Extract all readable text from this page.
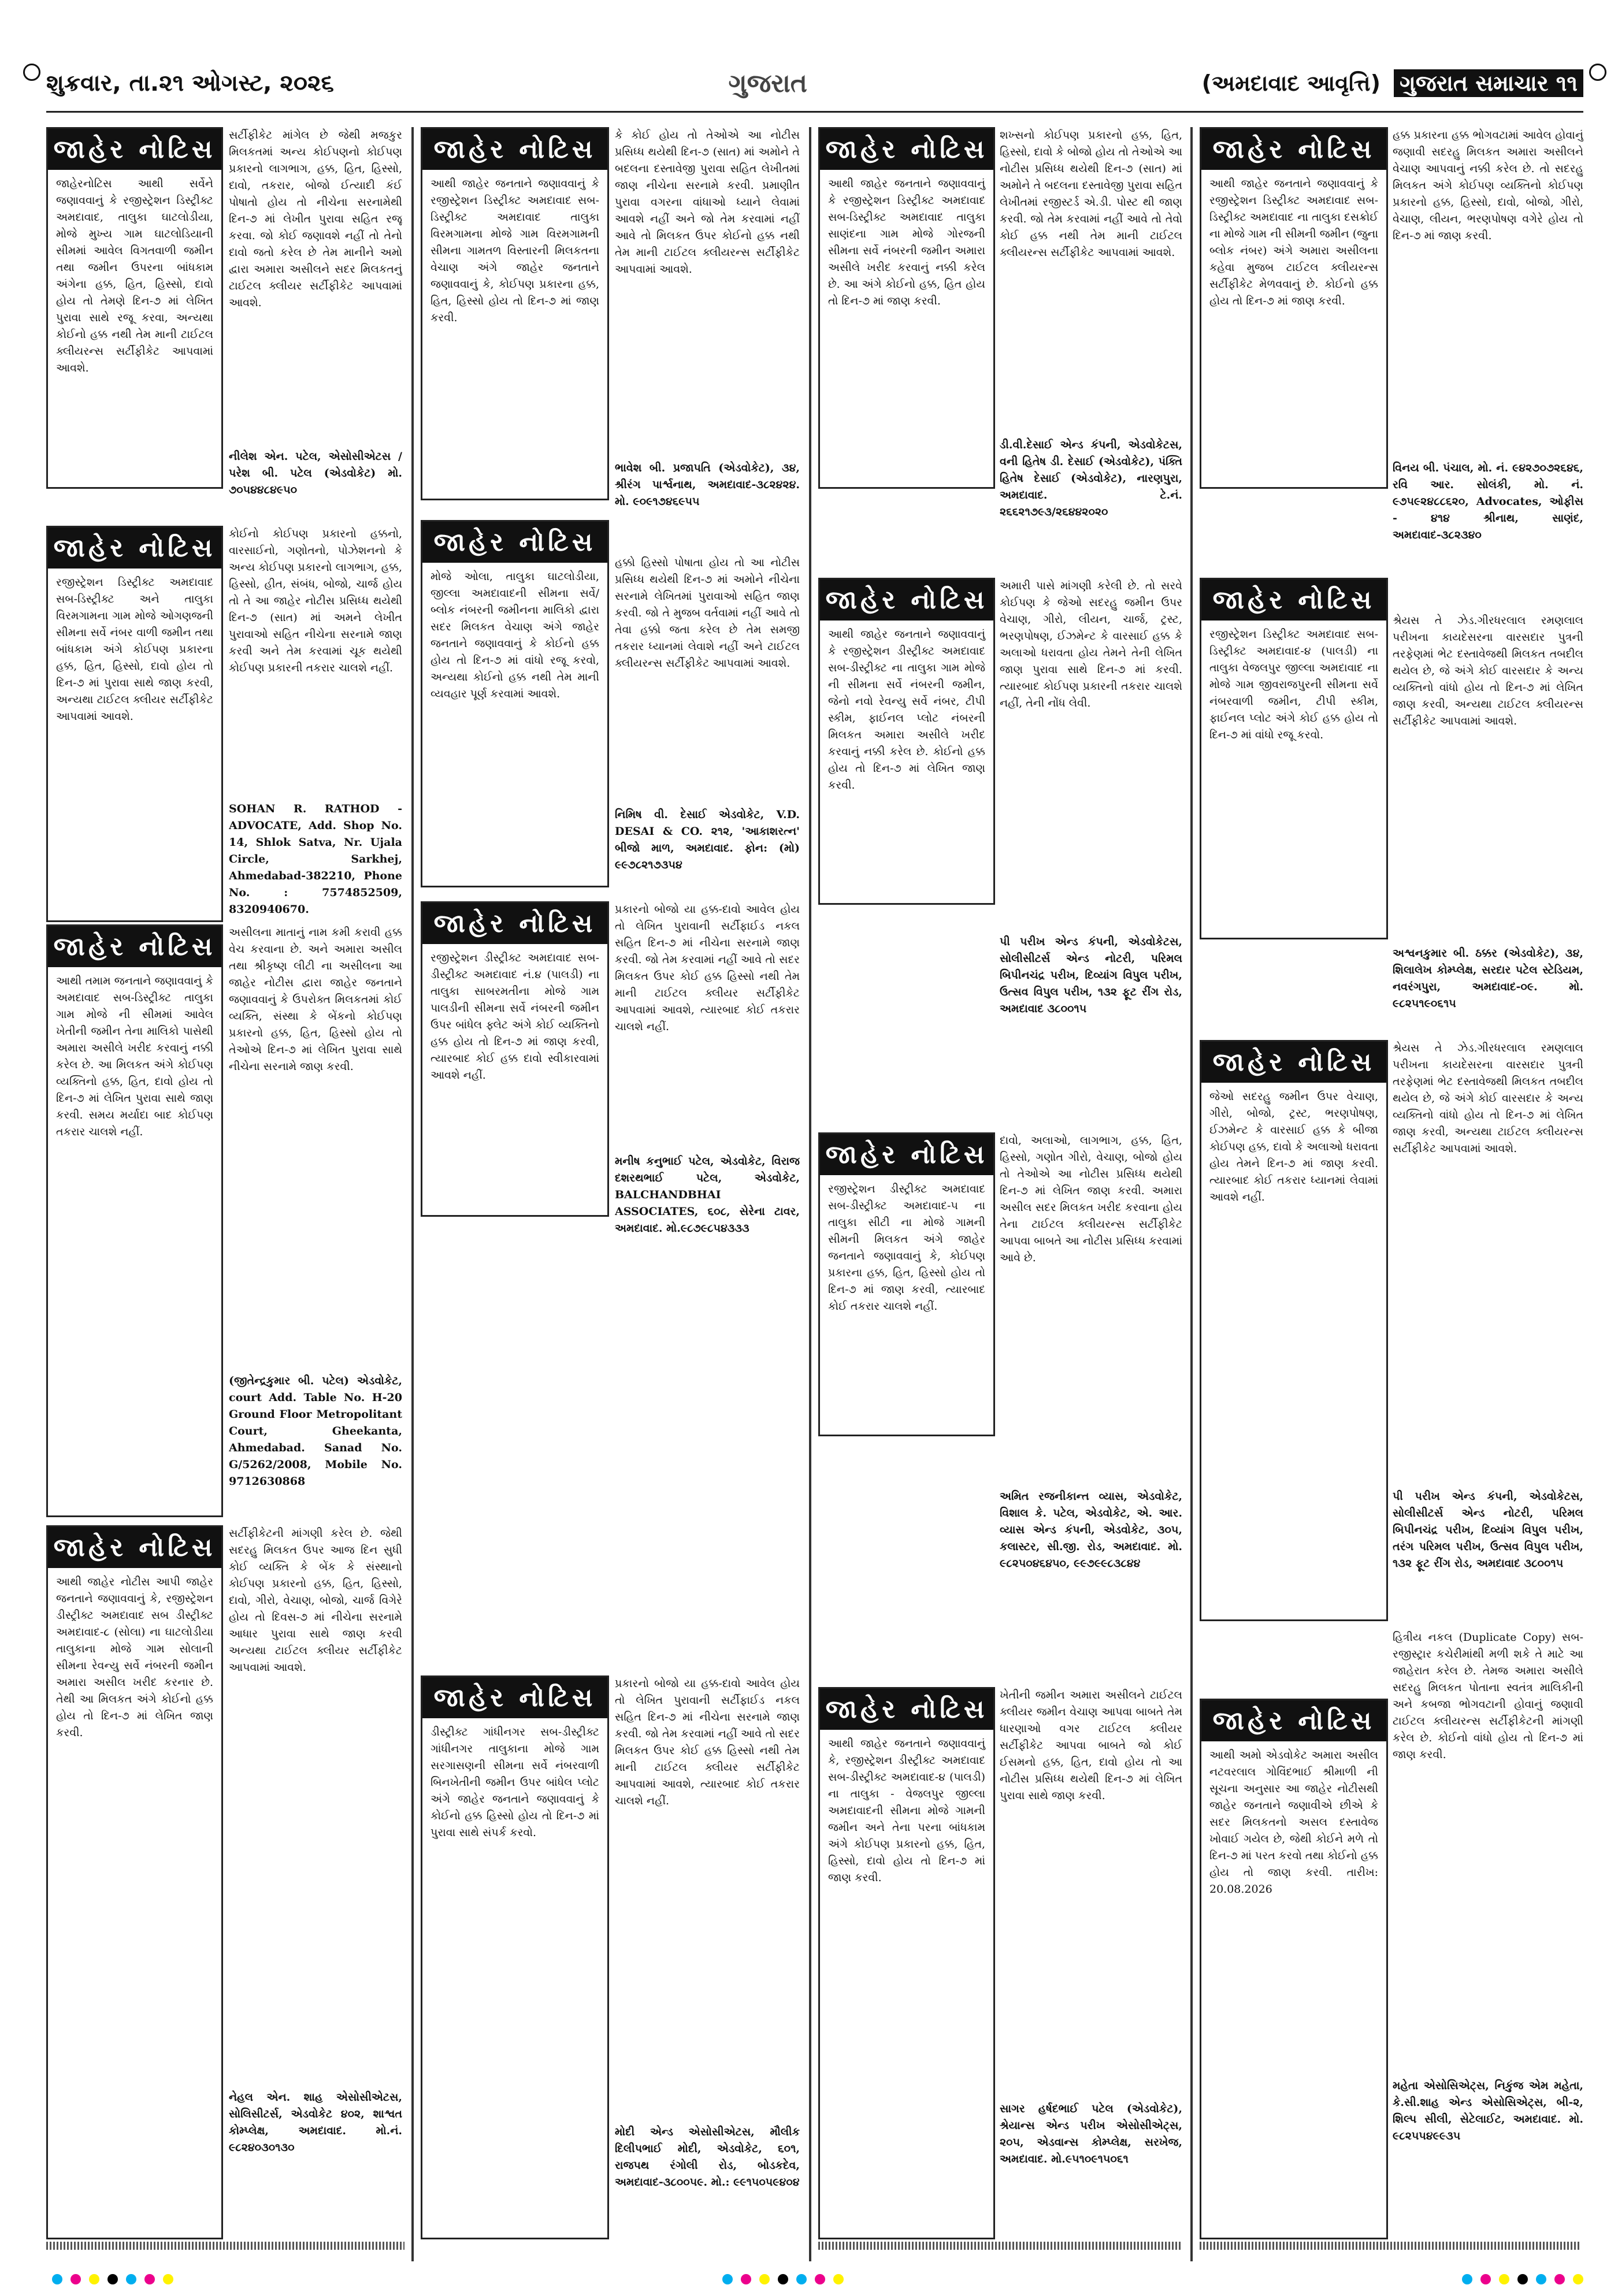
શુક્રવાર, તા.૨૧ ઓગસ્ટ, ૨૦૨૬	ગુજરાત	(અમદાવાદ આવૃત્તિ) ગુજરાત સમાચાર ૧૧
જાહેર નોટિસ
જાહેરનોટિસ આથી સર્વેને જણાવવાનું કે રજીસ્ટ્રેશન ડિસ્ટ્રીક્ટ અમદાવાદ, તાલુકા ઘાટલોડીયા, મોજે મુખ્ય ગામ ઘાટલોડિયાની સીમમાં આવેલ વિગતવાળી જમીન તથા જમીન ઉપરના બાંધકામ અંગેના હક્ક, હિત, હિસ્સો, દાવો હોય તો તેમણે દિન-૭ માં લેખિત પુરાવા સાથે રજૂ કરવા, અન્યથા કોઈનો હક્ક નથી તેમ માની ટાઈટલ ક્લીયરન્સ સર્ટીફીકેટ આપવામાં આવશે.
સર્ટીફીકેટ માંગેલ છે જેથી મજકુર મિલકતમાં અન્ય કોઈપણનો કોઈપણ પ્રકારનો લાગભાગ, હક્ક, હિત, હિસ્સો, દાવો, તકરાર, બોજો ઈત્યાદી કંઈ પોષાતો હોય તો નીચેના સરનામેથી દિન-૭ માં લેખીત પુરાવા સહિત રજૂ કરવા. જો કોઈ જણાવશે નહીં તો તેનો દાવો જતો કરેલ છે તેમ માનીને અમો દ્વારા અમારા અસીલને સદર મિલકતનું ટાઈટલ ક્લીયર સર્ટીફીકેટ આપવામાં આવશે.
નીલેશ એન. પટેલ, એસોસીએટસ / પરેશ બી. પટેલ (એડવોકેટ) મો. ૭૦૫૪૪૮૪૯૫૦
જાહેર નોટિસ
રજીસ્ટ્રેશન ડિસ્ટ્રીક્ટ અમદાવાદ સબ-ડિસ્ટ્રીક્ટ અને તાલુકા વિરમગામના ગામ મોજે ઓગણજની સીમના સર્વે નંબર વાળી જમીન તથા બાંધકામ અંગે કોઈપણ પ્રકારના હક્ક, હિત, હિસ્સો, દાવો હોય તો દિન-૭ માં પુરાવા સાથે જાણ કરવી, અન્યથા ટાઈટલ ક્લીયર સર્ટીફીકેટ આપવામાં આવશે.
કોઈનો કોઈપણ પ્રકારનો હક્કનો, વારસાઈનો, ગણોતનો, પોઝેશનનો કે અન્ય કોઈપણ પ્રકારનો લાગભાગ, હક્ક, હિસ્સો, હીત, સંબંધ, બોજો, ચાર્જ હોય તો તે આ જાહેર નોટીસ પ્રસિધ્ધ થયેથી દિન-૭ (સાત) માં અમને લેખીત પુરાવાઓ સહિત નીચેના સરનામે જાણ કરવી અને તેમ કરવામાં ચૂક થયેથી કોઈપણ પ્રકારની તકરાર ચાલશે નહીં.
SOHAN R. RATHOD - ADVOCATE, Add. Shop No. 14, Shlok Satva, Nr. Ujala Circle, Sarkhej, Ahmedabad-382210, Phone No. : 7574852509, 8320940670.
જાહેર નોટિસ
આથી તમામ જનતાને જણાવવાનું કે અમદાવાદ સબ-ડિસ્ટ્રીક્ટ તાલુકા ગામ મોજે ની સીમમાં આવેલ ખેતીની જમીન તેના માલિકો પાસેથી અમારા અસીલે ખરીદ કરવાનું નક્કી કરેલ છે. આ મિલકત અંગે કોઈપણ વ્યક્તિનો હક્ક, હિત, દાવો હોય તો દિન-૭ માં લેખિત પુરાવા સાથે જાણ કરવી. સમય મર્યાદા બાદ કોઈપણ તકરાર ચાલશે નહીં.
અસીલના માતાનું નામ કમી કરાવી હક્ક વેચ કરવાના છે. અને અમારા અસીલ તથા શ્રીકૃષ્ણ લીટી ના અસીલના આ જાહેર નોટીસ દ્વારા જાહેર જનતાને જણાવવાનું કે ઉપરોક્ત મિલકતમાં કોઈ વ્યક્તિ, સંસ્થા કે બેંકનો કોઈપણ પ્રકારનો હક્ક, હિત, હિસ્સો હોય તો તેઓએ દિન-૭ માં લેખિત પુરાવા સાથે નીચેના સરનામે જાણ કરવી.
(જીતેન્દ્રકુમાર બી. પટેલ) એડવોકેટ, court Add. Table No. H-20 Ground Floor Metropolitant Court, Gheekanta, Ahmedabad. Sanad No. G/5262/2008, Mobile No. 9712630868
જાહેર નોટિસ
આથી જાહેર નોટીસ આપી જાહેર જનતાને જણાવવાનું કે, રજીસ્ટ્રેશન ડીસ્ટ્રીક્ટ અમદાવાદ સબ ડીસ્ટ્રીક્ટ અમદાવાદ-૮ (સોલા) ના ઘાટલોડીયા તાલુકાના મોજે ગામ સોલાની સીમના રેવન્યુ સર્વે નંબરની જમીન અમારા અસીલ ખરીદ કરનાર છે. તેથી આ મિલકત અંગે કોઈનો હક્ક હોય તો દિન-૭ માં લેખિત જાણ કરવી.
સર્ટીફીકેટની માંગણી કરેલ છે. જેથી સદરહુ મિલકત ઉપર આજ દિન સુધી કોઈ વ્યક્તિ કે બેંક કે સંસ્થાનો કોઈપણ પ્રકારનો હક્ક, હિત, હિસ્સો, દાવો, ગીરો, વેચાણ, બોજો, ચાર્જ વિગેરે હોય તો દિવસ-૭ માં નીચેના સરનામે આધાર પુરાવા સાથે જાણ કરવી અન્યથા ટાઈટલ ક્લીયર સર્ટીફીકેટ આપવામાં આવશે.
નેહલ એન. શાહ એસોસીએટસ, સોલિસીટર્સ, એડવોકેટ ૪૦૨, શાશ્વત કોમ્પ્લેક્ષ, અમદાવાદ. મો.નં. ૯૮૨૪૦૩૦૧૩૦
જાહેર નોટિસ
આથી જાહેર જનતાને જણાવવાનું કે રજીસ્ટ્રેશન ડિસ્ટ્રીક્ટ અમદાવાદ સબ-ડિસ્ટ્રીક્ટ અમદાવાદ તાલુકા વિરમગામના મોજે ગામ વિરમગામની સીમના ગામતળ વિસ્તારની મિલકતના વેચાણ અંગે જાહેર જનતાને જણાવવાનું કે, કોઈપણ પ્રકારના હક્ક, હિત, હિસ્સો હોય તો દિન-૭ માં જાણ કરવી.
કે કોઈ હોય તો તેઓએ આ નોટીસ પ્રસિધ્ધ થયેથી દિન-૭ (સાત) માં અમોને તે બદલના દસ્તાવેજી પુરાવા સહિત લેખીતમાં જાણ નીચેના સરનામે કરવી. પ્રમાણીત પુરાવા વગરના વાંધાઓ ધ્યાને લેવામાં આવશે નહીં અને જો તેમ કરવામાં નહીં આવે તો મિલકત ઉપર કોઈનો હક્ક નથી તેમ માની ટાઈટલ ક્લીયરન્સ સર્ટીફીકેટ આપવામાં આવશે.
ભાવેશ બી. પ્રજાપતિ (એડવોકેટ), ૩૪, શ્રીરંગ પાર્શ્વનાથ, અમદાવાદ-૩૮૨૪૨૪. મો. ૯૦૯૧૭૪૬૯૫૫
જાહેર નોટિસ
મોજે ઓલા, તાલુકા ઘાટલોડીયા, જીલ્લા અમદાવાદની સીમના સર્વે/બ્લોક નંબરની જમીનના માલિકો દ્વારા સદર મિલકત વેચાણ અંગે જાહેર જનતાને જણાવવાનું કે કોઈનો હક્ક હોય તો દિન-૭ માં વાંધો રજૂ કરવો, અન્યથા કોઈનો હક્ક નથી તેમ માની વ્યવહાર પૂર્ણ કરવામાં આવશે.
હક્કો હિસ્સો પોષાતા હોય તો આ નોટીસ પ્રસિધ્ધ થયેથી દિન-૭ માં અમોને નીચેના સરનામે લેખિતમાં પુરાવાઓ સહિત જાણ કરવી. જો તે મુજબ વર્તવામાં નહીં આવે તો તેવા હક્કો જતા કરેલ છે તેમ સમજી તકરાર ધ્યાનમાં લેવાશે નહીં અને ટાઈટલ ક્લીયરન્સ સર્ટીફીકેટ આપવામાં આવશે.
નિમિષ વી. દેસાઈ એડવોકેટ, V.D. DESAI & CO. ૨૧૨, 'આકાશરત્ન' બીજો માળ, અમદાવાદ. ફોન: (મો) ૯૯૭૮૨૧૭૩૫૪
જાહેર નોટિસ
રજીસ્ટ્રેશન ડીસ્ટ્રીક્ટ અમદાવાદ સબ-ડીસ્ટ્રીક્ટ અમદાવાદ નં.૪ (પાલડી) ના તાલુકા સાબરમતીના મોજે ગામ પાલડીની સીમના સર્વે નંબરની જમીન ઉપર બાંધેલ ફ્લેટ અંગે કોઈ વ્યક્તિનો હક્ક હોય તો દિન-૭ માં જાણ કરવી, ત્યારબાદ કોઈ હક્ક દાવો સ્વીકારવામાં આવશે નહીં.
પ્રકારનો બોજો યા હક્ક-દાવો આવેલ હોય તો લેખિત પુરાવાની સર્ટીફાઈડ નકલ સહિત દિન-૭ માં નીચેના સરનામે જાણ કરવી. જો તેમ કરવામાં નહીં આવે તો સદર મિલકત ઉપર કોઈ હક્ક હિસ્સો નથી તેમ માની ટાઈટલ ક્લીયર સર્ટીફીકેટ આપવામાં આવશે, ત્યારબાદ કોઈ તકરાર ચાલશે નહીં.
મનીષ કનુભાઈ પટેલ, એડવોકેટ, વિરાજ દશરથભાઈ પટેલ, એડવોકેટ, BALCHANDBHAI ASSOCIATES, ૬૦૮, સેરેના ટાવર, અમદાવાદ. મો.૯૮૭૯૮૫૪૩૩૩
જાહેર નોટિસ
ડીસ્ટ્રીક્ટ ગાંધીનગર સબ-ડીસ્ટ્રીક્ટ ગાંધીનગર તાલુકાના મોજે ગામ સરગાસણની સીમના સર્વે નંબરવાળી બિનખેતીની જમીન ઉપર બાંધેલ પ્લોટ અંગે જાહેર જનતાને જણાવવાનું કે કોઈનો હક્ક હિસ્સો હોય તો દિન-૭ માં પુરાવા સાથે સંપર્ક કરવો.
પ્રકારનો બોજો યા હક્ક-દાવો આવેલ હોય તો લેખિત પુરાવાની સર્ટીફાઈડ નકલ સહિત દિન-૭ માં નીચેના સરનામે જાણ કરવી. જો તેમ કરવામાં નહીં આવે તો સદર મિલકત ઉપર કોઈ હક્ક હિસ્સો નથી તેમ માની ટાઈટલ ક્લીયર સર્ટીફીકેટ આપવામાં આવશે, ત્યારબાદ કોઈ તકરાર ચાલશે નહીં.
મોદી એન્ડ એસોસીએટસ, મૌલીક દિલીપભાઈ મોદી, એડવોકેટ, ૬૦૧, રાજપથ રંગોલી રોડ, બોડકદેવ, અમદાવાદ-૩૮૦૦૫૯. મો.: ૯૯૧૫૦૫૯૪૦૪
જાહેર નોટિસ
આથી જાહેર જનતાને જણાવવાનું કે રજીસ્ટ્રેશન ડિસ્ટ્રીક્ટ અમદાવાદ સબ-ડિસ્ટ્રીક્ટ અમદાવાદ તાલુકા સાણંદના ગામ મોજે ગોરજની સીમના સર્વે નંબરની જમીન અમારા અસીલે ખરીદ કરવાનું નક્કી કરેલ છે. આ અંગે કોઈનો હક્ક, હિત હોય તો દિન-૭ માં જાણ કરવી.
શખ્સનો કોઈપણ પ્રકારનો હક્ક, હિત, હિસ્સો, દાવો કે બોજો હોય તો તેઓએ આ નોટીસ પ્રસિધ્ધ થયેથી દિન-૭ (સાત) માં અમોને તે બદલના દસ્તાવેજી પુરાવા સહિત લેખીતમાં રજીસ્ટર્ડ એ.ડી. પોસ્ટ થી જાણ કરવી. જો તેમ કરવામાં નહીં આવે તો તેવો કોઈ હક્ક નથી તેમ માની ટાઈટલ ક્લીયરન્સ સર્ટીફીકેટ આપવામાં આવશે.
ડી.વી.દેસાઈ એન્ડ કંપની, એડવોકેટસ, વની હિતેષ ડી. દેસાઈ (એડવોકેટ), પંક્તિ હિતેષ દેસાઈ (એડવોકેટ), નારણપુરા, અમદાવાદ. ટે.નં. ૨૬૬૨૧૭૯૩/૨૬૪૪૨૦૨૦
જાહેર નોટિસ
આથી જાહેર જનતાને જણાવવાનું કે રજીસ્ટ્રેશન ડીસ્ટ્રીક્ટ અમદાવાદ સબ-ડીસ્ટ્રીક્ટ ના તાલુકા ગામ મોજે ની સીમના સર્વે નંબરની જમીન, જેનો નવો રેવન્યુ સર્વે નંબર, ટીપી સ્કીમ, ફાઈનલ પ્લોટ નંબરની મિલકત અમારા અસીલે ખરીદ કરવાનું નક્કી કરેલ છે. કોઈનો હક્ક હોય તો દિન-૭ માં લેખિત જાણ કરવી.
અમારી પાસે માંગણી કરેલી છે. તો સરવે કોઈપણ કે જેઓ સદરહુ જમીન ઉપર વેચાણ, ગીરો, લીયન, ચાર્જ, ટ્રસ્ટ, ભરણપોષણ, ઈઝમેન્ટ કે વારસાઈ હક્ક કે અલાઓ ધરાવતા હોય તેમને તેની લેખિત જાણ પુરાવા સાથે દિન-૭ માં કરવી. ત્યારબાદ કોઈપણ પ્રકારની તકરાર ચાલશે નહીં, તેની નોંધ લેવી.
પી પરીખ એન્ડ કંપની, એડવોકેટસ, સોલીસીટર્સ એન્ડ નોટરી, પરિમલ બિપીનચંદ્ર પરીખ, દિવ્યાંગ વિપુલ પરીખ, ઉત્સવ વિપુલ પરીખ, ૧૩૨ ફૂટ રીંગ રોડ, અમદાવાદ ૩૮૦૦૧૫
જાહેર નોટિસ
રજીસ્ટ્રેશન ડીસ્ટ્રીક્ટ અમદાવાદ સબ-ડીસ્ટ્રીક્ટ અમદાવાદ-૫ ના તાલુકા સીટી ના મોજે ગામની સીમની મિલકત અંગે જાહેર જનતાને જણાવવાનું કે, કોઈપણ પ્રકારના હક્ક, હિત, હિસ્સો હોય તો દિન-૭ માં જાણ કરવી, ત્યારબાદ કોઈ તકરાર ચાલશે નહીં.
દાવો, અલાઓ, લાગભાગ, હક્ક, હિત, હિસ્સો, ગણોત ગીરો, વેચાણ, બોજો હોય તો તેઓએ આ નોટીસ પ્રસિધ્ધ થયેથી દિન-૭ માં લેખિત જાણ કરવી. અમારા અસીલ સદર મિલકત ખરીદ કરવાના હોય તેના ટાઈટલ ક્લીયરન્સ સર્ટીફીકેટ આપવા બાબતે આ નોટીસ પ્રસિધ્ધ કરવામાં આવે છે.
અમિત રજનીકાન્ત વ્યાસ, એડવોકેટ, વિશાલ કે. પટેલ, એડવોકેટ, એ. આર. વ્યાસ એન્ડ કંપની, એડવોકેટ, ૩૦૫, કલાસ્ટર, સી.જી. રોડ, અમદાવાદ. મો. ૯૮૨૫૦૪૬૪૫૦, ૯૯૭૯૯૮૩૮૪૪
જાહેર નોટિસ
આથી જાહેર જનતાને જણાવવાનું કે, રજીસ્ટ્રેશન ડીસ્ટ્રીક્ટ અમદાવાદ સબ-ડીસ્ટ્રીક્ટ અમદાવાદ-૪ (પાલડી) ના તાલુકા - વેજલપુર જીલ્લા અમદાવાદની સીમના મોજે ગામની જમીન અને તેના પરના બાંધકામ અંગે કોઈપણ પ્રકારનો હક્ક, હિત, હિસ્સો, દાવો હોય તો દિન-૭ માં જાણ કરવી.
ખેતીની જમીન અમારા અસીલને ટાઈટલ ક્લીયર જમીન વેચાણ આપવા બાબતે તેમ ધારણાઓ વગર ટાઈટલ ક્લીયર સર્ટીફીકેટ આપવા બાબતે જો કોઈ ઈસમનો હક્ક, હિત, દાવો હોય તો આ નોટીસ પ્રસિધ્ધ થયેથી દિન-૭ માં લેખિત પુરાવા સાથે જાણ કરવી.
સાગર હર્ષદભાઈ પટેલ (એડવોકેટ), શ્રેયાન્સ એન્ડ પરીખ એસોસીએટ્સ, ૨૦૫, એડવાન્સ કોમ્પ્લેક્ષ, સરખેજ, અમદાવાદ. મો.૯૫૧૦૯૧૫૦૬૧
જાહેર નોટિસ
આથી જાહેર જનતાને જણાવવાનું કે રજીસ્ટ્રેશન ડિસ્ટ્રીક્ટ અમદાવાદ સબ-ડિસ્ટ્રીક્ટ અમદાવાદ ના તાલુકા દસક્રોઈ ના મોજે ગામ ની સીમની જમીન (જુના બ્લોક નંબર) અંગે અમારા અસીલના કહેવા મુજબ ટાઈટલ ક્લીયરન્સ સર્ટીફીકેટ મેળવવાનું છે. કોઈનો હક્ક હોય તો દિન-૭ માં જાણ કરવી.
હક્ક પ્રકારના હક્ક ભોગવટામાં આવેલ હોવાનું જણાવી સદરહુ મિલકત અમારા અસીલને વેચાણ આપવાનું નક્કી કરેલ છે. તો સદરહુ મિલકત અંગે કોઈપણ વ્યક્તિનો કોઈપણ પ્રકારનો હક્ક, હિસ્સો, દાવો, બોજો, ગીરો, વેચાણ, લીયન, ભરણપોષણ વગેરે હોય તો દિન-૭ માં જાણ કરવી.
વિનય બી. પંચાલ, મો. નં. ૯૪૨૭૦૭૨૬૪૬, રવિ આર. સોલંકી, મો. નં. ૯૭૫૯૨૪૮૮૬૨૦, Advocates, ઓફીસ - ૪૧૪ શ્રીનાથ, સાણંદ, અમદાવાદ-૩૮૨૩૪૦
જાહેર નોટિસ
રજીસ્ટ્રેશન ડિસ્ટ્રીક્ટ અમદાવાદ સબ-ડિસ્ટ્રીક્ટ અમદાવાદ-૪ (પાલડી) ના તાલુકા વેજલપુર જીલ્લા અમદાવાદ ના મોજે ગામ જીવરાજપુરની સીમના સર્વે નંબરવાળી જમીન, ટીપી સ્કીમ, ફાઈનલ પ્લોટ અંગે કોઈ હક્ક હોય તો દિન-૭ માં વાંધો રજૂ કરવો.
શ્રેયસ તે ઝેડ.ગીરધરલાલ રમણલાલ પરીખના કાયદેસરના વારસદાર પુત્રની તરફેણમાં ભેટ દસ્તાવેજથી મિલકત તબદીલ થયેલ છે, જે અંગે કોઈ વારસદાર કે અન્ય વ્યક્તિનો વાંધો હોય તો દિન-૭ માં લેખિત જાણ કરવી, અન્યથા ટાઈટલ ક્લીયરન્સ સર્ટીફીકેટ આપવામાં આવશે.
અશ્વનકુમાર બી. ઠક્કર (એડવોકેટ), ૩૪, શિલાલેખ કોમ્પ્લેક્ષ, સરદાર પટેલ સ્ટેડિયમ, નવરંગપુરા, અમદાવાદ-૦૯. મો. ૯૮૨૫૧૯૦૬૧૫
જાહેર નોટિસ
જેઓ સદરહુ જમીન ઉપર વેચાણ, ગીરો, બોજો, ટ્રસ્ટ, ભરણપોષણ, ઈઝમેન્ટ કે વારસાઈ હક્ક કે બીજા કોઈપણ હક્ક, દાવો કે અલાઓ ધરાવતા હોય તેમને દિન-૭ માં જાણ કરવી. ત્યારબાદ કોઈ તકરાર ધ્યાનમાં લેવામાં આવશે નહીં.
શ્રેયસ તે ઝેડ.ગીરધરલાલ રમણલાલ પરીખના કાયદેસરના વારસદાર પુત્રની તરફેણમાં ભેટ દસ્તાવેજથી મિલકત તબદીલ થયેલ છે, જે અંગે કોઈ વારસદાર કે અન્ય વ્યક્તિનો વાંધો હોય તો દિન-૭ માં લેખિત જાણ કરવી, અન્યથા ટાઈટલ ક્લીયરન્સ સર્ટીફીકેટ આપવામાં આવશે.
પી પરીખ એન્ડ કંપની, એડવોકેટસ, સોલીસીટર્સ એન્ડ નોટરી, પરિમલ બિપીનચંદ્ર પરીખ, દિવ્યાંગ વિપુલ પરીખ, તરંગ પરિમલ પરીખ, ઉત્સવ વિપુલ પરીખ, ૧૩૨ ફૂટ રીંગ રોડ, અમદાવાદ ૩૮૦૦૧૫
જાહેર નોટિસ
આથી અમો એડવોકેટ અમારા અસીલ નટવરલાલ ગોવિંદભાઈ શ્રીમાળી ની સૂચના અનુસાર આ જાહેર નોટીસથી જાહેર જનતાને જણાવીએ છીએ કે સદર મિલકતનો અસલ દસ્તાવેજ ખોવાઈ ગયેલ છે, જેથી કોઈને મળે તો દિન-૭ માં પરત કરવો તથા કોઈનો હક્ક હોય તો જાણ કરવી. તારીખ: 20.08.2026
હિત્રીય નકલ (Duplicate Copy) સબ-રજીસ્ટ્રાર કચેરીમાંથી મળી શકે તે માટે આ જાહેરાત કરેલ છે. તેમજ અમારા અસીલે સદરહુ મિલકત પોતાના સ્વતંત્ર માલિકીની અને કબજા ભોગવટાની હોવાનું જણાવી ટાઈટલ ક્લીયરન્સ સર્ટીફીકેટની માંગણી કરેલ છે. કોઈનો વાંધો હોય તો દિન-૭ માં જાણ કરવી.
મહેતા એસોસિએટ્સ, નિકુંજ એમ મહેતા, કે.સી.શાહ એન્ડ એસોસિએટ્સ, બી-૨, શિલ્પ સીલી, સેટેલાઈટ, અમદાવાદ. મો. ૯૮૨૫૫૪૯૯૩૫
